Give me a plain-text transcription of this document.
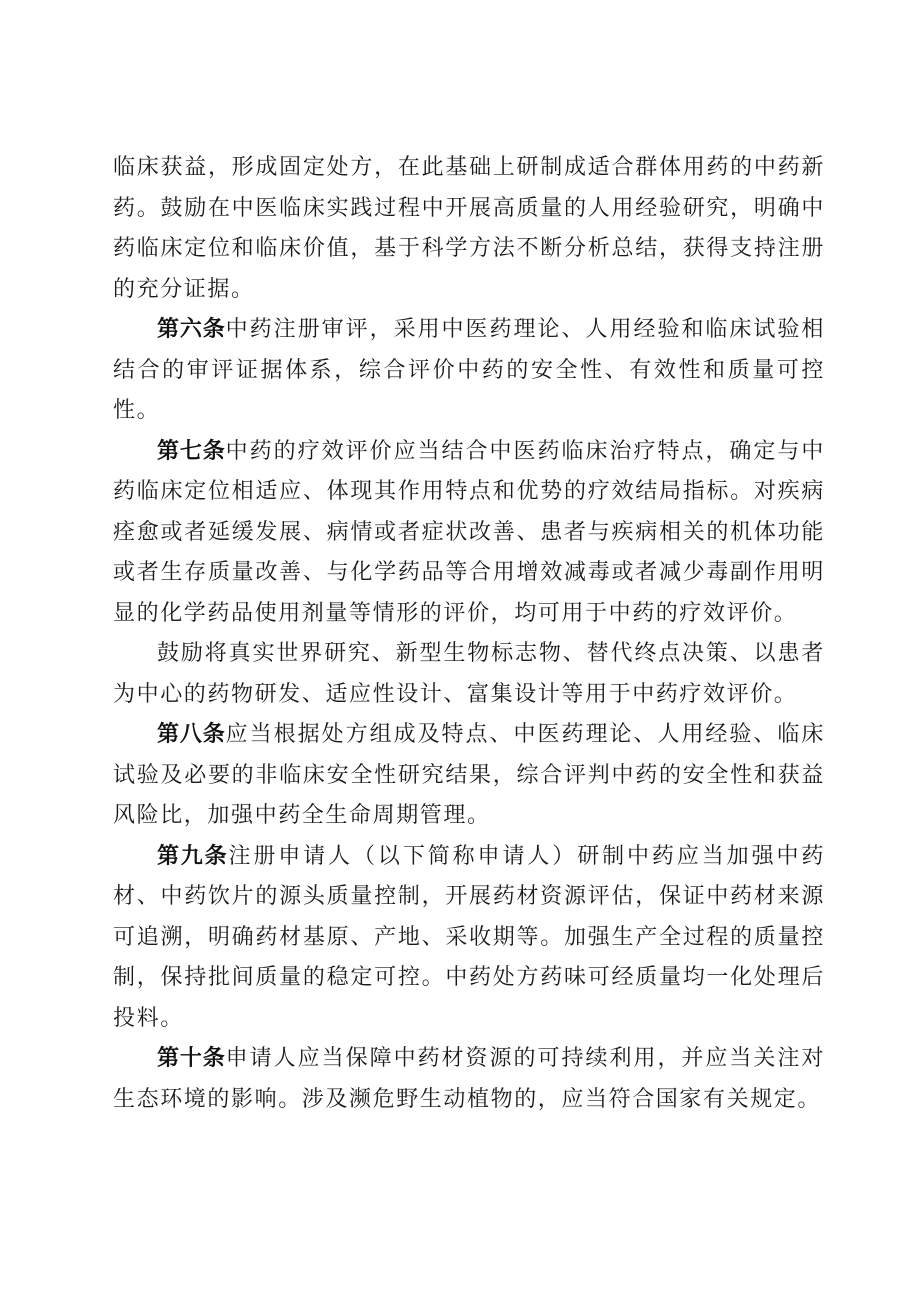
临床获益，形成固定处方，在此基础上研制成适合群体用药的中药新药。鼓励在中医临床实践过程中开展高质量的人用经验研究，明确中药临床定位和临床价值，基于科学方法不断分析总结，获得支持注册的充分证据。

第六条中药注册审评，采用中医药理论、人用经验和临床试验相结合的审评证据体系，综合评价中药的安全性、有效性和质量可控性。

第七条中药的疗效评价应当结合中医药临床治疗特点，确定与中药临床定位相适应、体现其作用特点和优势的疗效结局指标。对疾病痊愈或者延缓发展、病情或者症状改善、患者与疾病相关的机体功能或者生存质量改善、与化学药品等合用增效减毒或者减少毒副作用明显的化学药品使用剂量等情形的评价，均可用于中药的疗效评价。

鼓励将真实世界研究、新型生物标志物、替代终点决策、以患者为中心的药物研发、适应性设计、富集设计等用于中药疗效评价。

第八条应当根据处方组成及特点、中医药理论、人用经验、临床试验及必要的非临床安全性研究结果，综合评判中药的安全性和获益风险比，加强中药全生命周期管理。

第九条注册申请人（以下简称申请人）研制中药应当加强中药材、中药饮片的源头质量控制，开展药材资源评估，保证中药材来源可追溯，明确药材基原、产地、采收期等。加强生产全过程的质量控制，保持批间质量的稳定可控。中药处方药味可经质量均一化处理后投料。

第十条申请人应当保障中药材资源的可持续利用，并应当关注对生态环境的影响。涉及濒危野生动植物的，应当符合国家有关规定。
